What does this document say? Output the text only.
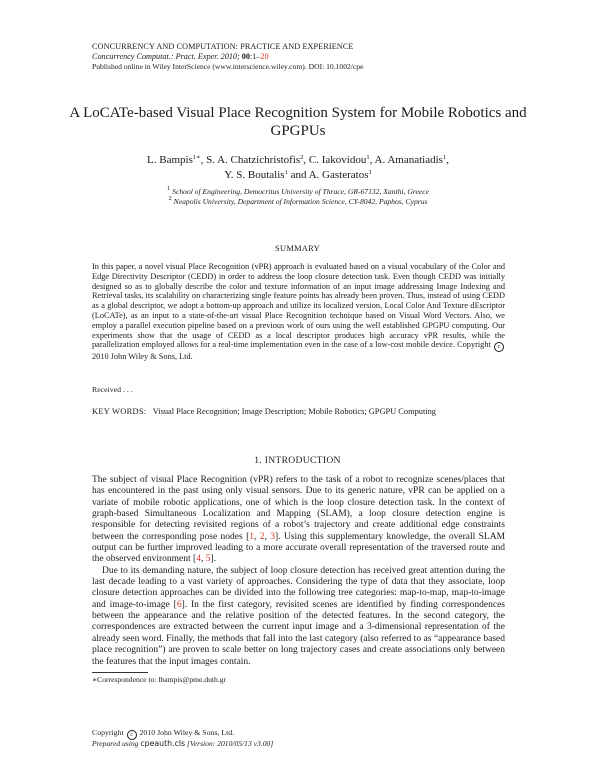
CONCURRENCY AND COMPUTATION: PRACTICE AND EXPERIENCE
Concurrency Computat.: Pract. Exper. 2010; 00:1–20
Published online in Wiley InterScience (www.interscience.wiley.com). DOI: 10.1002/cpe
A LoCATe-based Visual Place Recognition System for Mobile Robotics and GPGPUs
L. Bampis$^{1∗}$, S. A. Chatzichristofis$^2$, C. Iakovidou$^1$, A. Amanatiadis$^1$,
Y. S. Boutalis$^1$ and A. Gasteratos$^1$
$^1$ School of Engineering, Democritus University of Thrace, GR-67132, Xanthi, Greece
$^2$ Neapolis University, Department of Information Science, CY-8042, Paphos, Cyprus
SUMMARY
In this paper, a novel visual Place Recognition (vPR) approach is evaluated based on a visual vocabulary of the Color and Edge Directivity Descriptor (CEDD) in order to address the loop closure detection task. Even though CEDD was initially designed so as to globally describe the color and texture information of an input image addressing Image Indexing and Retrieval tasks, its scalability on characterizing single feature points has already been proven. Thus, instead of using CEDD as a global descriptor, we adopt a bottom-up approach and utilize its localized version, Local Color And Texture dEscriptor (LoCATe), as an input to a state-of-the-art visual Place Recognition technique based on Visual Word Vectors. Also, we employ a parallel execution pipeline based on a previous work of ours using the well established GPGPU computing. Our experiments show that the usage of CEDD as a local descriptor produces high accuracy vPR results, while the parallelization employed allows for a real-time implementation even in the case of a low-cost mobile device. Copyright c 2010 John Wiley & Sons, Ltd.
Received . . .
KEY WORDS: Visual Place Recognition; Image Description; Mobile Robotics; GPGPU Computing
1. INTRODUCTION

The subject of visual Place Recognition (vPR) refers to the task of a robot to recognize scenes/places that has encountered in the past using only visual sensors. Due to its generic nature, vPR can be applied on a variate of mobile robotic applications, one of which is the loop closure detection task. In the context of graph-based Simultaneous Localization and Mapping (SLAM), a loop closure detection engine is responsible for detecting revisited regions of a robot’s trajectory and create additional edge constraints between the corresponding pose nodes [1, 2, 3]. Using this supplementary knowledge, the overall SLAM output can be further improved leading to a more accurate overall representation of the traversed route and the observed environment [4, 5].

Due to its demanding nature, the subject of loop closure detection has received great attention during the last decade leading to a vast variety of approaches. Considering the type of data that they associate, loop closure detection approaches can be divided into the following tree categories: map-to-map, map-to-image and image-to-image [6]. In the first category, revisited scenes are identified by finding correspondences between the appearance and the relative position of the detected features. In the second category, the correspondences are extracted between the current input image and a 3-dimensional representation of the already seen word. Finally, the methods that fall into the last category (also referred to as “appearance based place recognition”) are proven to scale better on long trajectory cases and create associations only between the features that the input images contain.

∗Correspondence to: lbampis@pme.duth.gr
Copyright c 2010 John Wiley & Sons, Ltd.
Prepared using cpeauth.cls [Version: 2010/05/13 v3.00]
